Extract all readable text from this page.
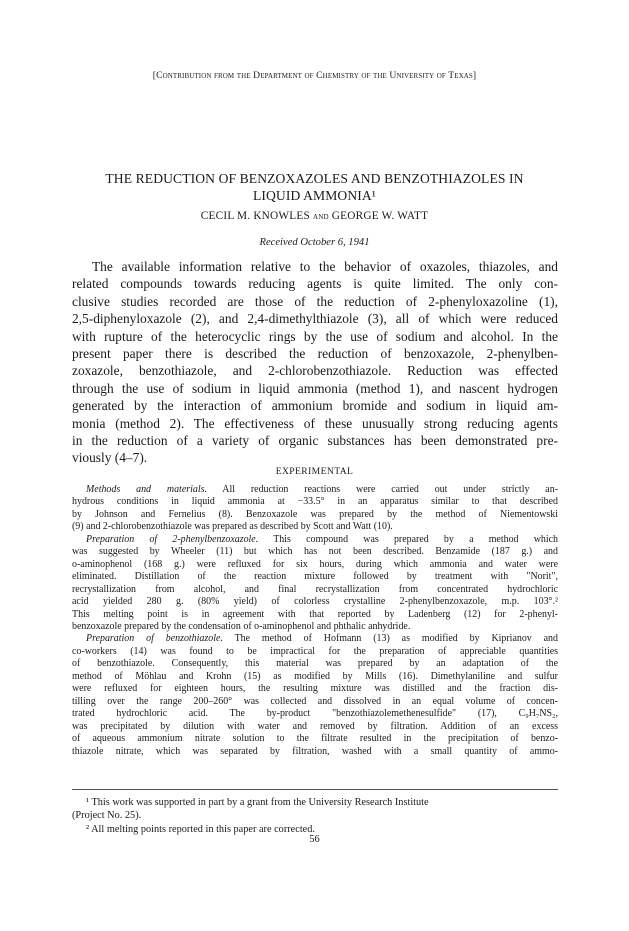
[Contribution from the Department of Chemistry of the University of Texas]
THE REDUCTION OF BENZOXAZOLES AND BENZOTHIAZOLES IN
LIQUID AMMONIA¹
CECIL M. KNOWLES and GEORGE W. WATT
Received October 6, 1941
The available information relative to the behavior of oxazoles, thiazoles, and
related compounds towards reducing agents is quite limited. The only con-
clusive studies recorded are those of the reduction of 2-phenyloxazoline (1),
2,5-diphenyloxazole (2), and 2,4-dimethylthiazole (3), all of which were reduced
with rupture of the heterocyclic rings by the use of sodium and alcohol. In the
present paper there is described the reduction of benzoxazole, 2-phenylben-
zoxazole, benzothiazole, and 2-chlorobenzothiazole. Reduction was effected
through the use of sodium in liquid ammonia (method 1), and nascent hydrogen
generated by the interaction of ammonium bromide and sodium in liquid am-
monia (method 2). The effectiveness of these unusually strong reducing agents
in the reduction of a variety of organic substances has been demonstrated pre-
viously (4–7).
EXPERIMENTAL
Methods and materials. All reduction reactions were carried out under strictly an-
hydrous conditions in liquid ammonia at −33.5° in an apparatus similar to that described
by Johnson and Fernelius (8). Benzoxazole was prepared by the method of Niementowski
(9) and 2-chlorobenzothiazole was prepared as described by Scott and Watt (10).
Preparation of 2-phenylbenzoxazole. This compound was prepared by a method which
was suggested by Wheeler (11) but which has not been described. Benzamide (187 g.) and
o-aminophenol (168 g.) were refluxed for six hours, during which ammonia and water were
eliminated. Distillation of the reaction mixture followed by treatment with "Norit",
recrystallization from alcohol, and final recrystallization from concentrated hydrochloric
acid yielded 280 g. (80% yield) of colorless crystalline 2-phenylbenzoxazole, m.p. 103°.²
This melting point is in agreement with that reported by Ladenberg (12) for 2-phenyl-
benzoxazole prepared by the condensation of o-aminophenol and phthalic anhydride.
Preparation of benzothiazole. The method of Hofmann (13) as modified by Kiprianov and
co-workers (14) was found to be impractical for the preparation of appreciable quantities
of benzothiazole. Consequently, this material was prepared by an adaptation of the
method of Möhlau and Krohn (15) as modified by Mills (16). Dimethylaniline and sulfur
were refluxed for eighteen hours, the resulting mixture was distilled and the fraction dis-
tilling over the range 200–260° was collected and dissolved in an equal volume of concen-
trated hydrochloric acid. The by-product "benzothiazolemethenesulfide" (17), C₉H₇NS₂,
was precipitated by dilution with water and removed by filtration. Addition of an excess
of aqueous ammonium nitrate solution to the filtrate resulted in the precipitation of benzo-
thiazole nitrate, which was separated by filtration, washed with a small quantity of ammo-
¹ This work was supported in part by a grant from the University Research Institute
(Project No. 25).
² All melting points reported in this paper are corrected.
56
